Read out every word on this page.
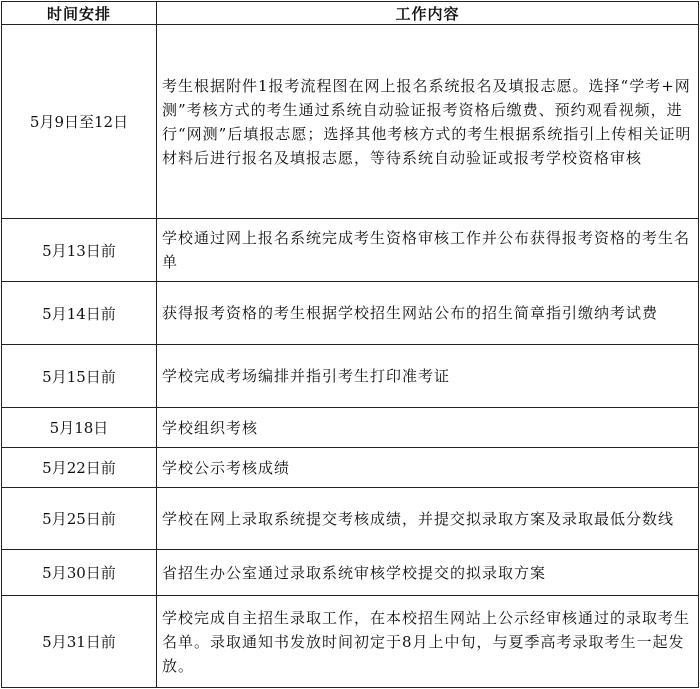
时间安排	工作内容
5月9日至12日	考生根据附件1报考流程图在网上报名系统报名及填报志愿。选择“学考+网测”考核方式的考生通过系统自动验证报考资格后缴费、预约观看视频，进行“网测”后填报志愿；选择其他考核方式的考生根据系统指引上传相关证明材料后进行报名及填报志愿，等待系统自动验证或报考学校资格审核
5月13日前	学校通过网上报名系统完成考生资格审核工作并公布获得报考资格的考生名单
5月14日前	获得报考资格的考生根据学校招生网站公布的招生简章指引缴纳考试费
5月15日前	学校完成考场编排并指引考生打印准考证
5月18日	学校组织考核
5月22日前	学校公示考核成绩
5月25日前	学校在网上录取系统提交考核成绩，并提交拟录取方案及录取最低分数线
5月30日前	省招生办公室通过录取系统审核学校提交的拟录取方案
5月31日前	学校完成自主招生录取工作，在本校招生网站上公示经审核通过的录取考生名单。录取通知书发放时间初定于8月上中旬，与夏季高考录取考生一起发放。
